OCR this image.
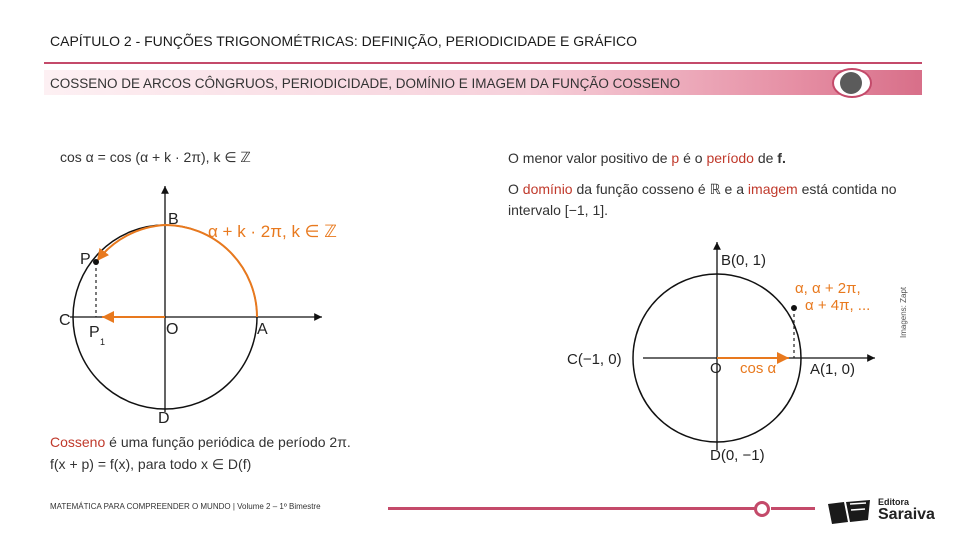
CAPÍTULO 2 - FUNÇÕES TRIGONOMÉTRICAS: DEFINIÇÃO, PERIODICIDADE E GRÁFICO
COSSENO DE ARCOS CÔNGRUOS, PERIODICIDADE, DOMÍNIO E IMAGEM DA FUNÇÃO COSSENO
cos α = cos (α + k · 2π), k ∈ ℤ
B
P
C
P
1
O	A
D
α + k · 2π, k ∈ ℤ
Cosseno é uma função periódica de período 2π.
f(x + p) = f(x), para todo x ∈ D(f)
O menor valor positivo de p é o período de f.
O domínio da função cosseno é ℝ e a imagem está contida no intervalo [−1, 1].
B(0, 1)
C(−1, 0)
O cos α A(1, 0)
D(0, −1)
α, α + 2π,
α + 4π, ...	Imagens: Zapt
MATEMÁTICA PARA COMPREENDER O MUNDO | Volume 2 – 1º Bimestre	Editora
Saraiva
